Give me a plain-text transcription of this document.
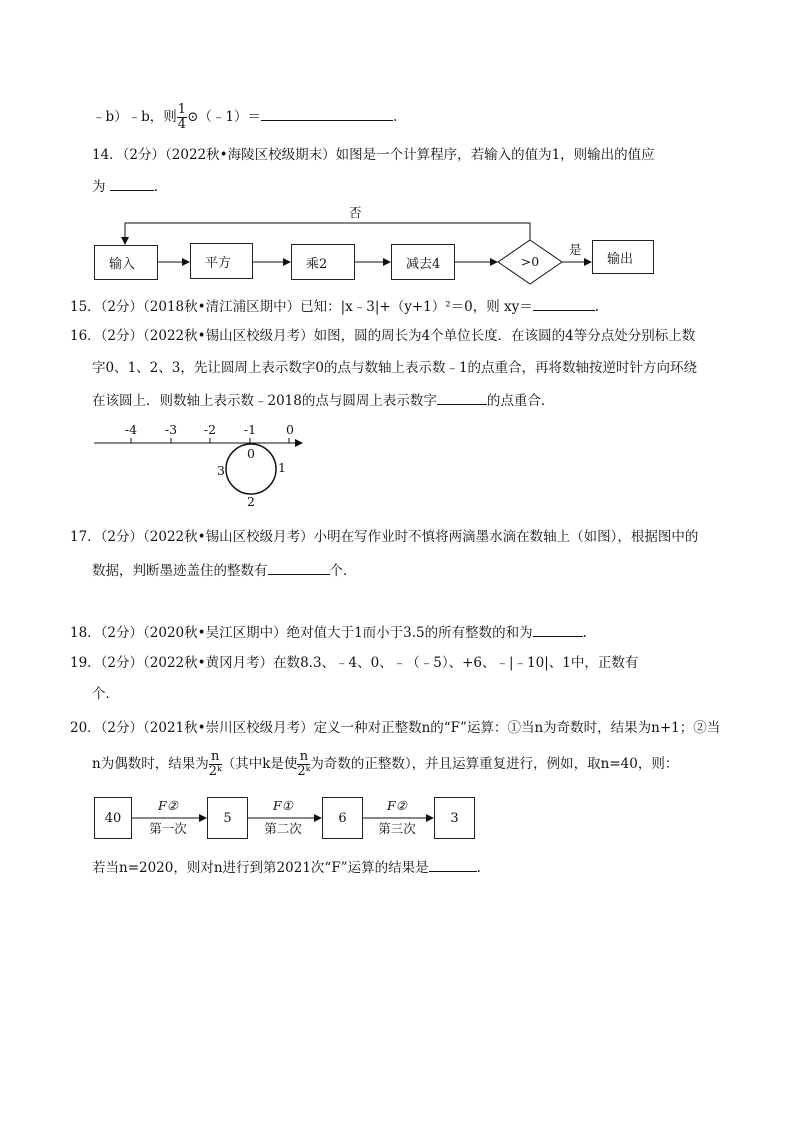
﹣b）﹣b，则 $\frac{1}{4}$ ⊙（﹣1）＝	.
14．（2分）（2022秋•海陵区校级期末）如图是一个计算程序，若输入的值为1，则输出的值应
为	.
输入	平方	乘2	减去4	>0
是
否
输出
15．（2分）（2018秋•清江浦区期中）已知：|x﹣3|+（y+1）²＝0，则 xy＝	.
16．（2分）（2022秋•锡山区校级月考）如图，圆的周长为4个单位长度．在该圆的4等分点处分别标上数
字0、1、2、3，先让圆周上表示数字0的点与数轴上表示数﹣1的点重合，再将数轴按逆时针方向环绕
在该圆上．则数轴上表示数﹣2018的点与圆周上表示数字	的点重合．
-4	-3	-2	-1	0
0
1
2
3
17．（2分）（2022秋•锡山区校级月考）小明在写作业时不慎将两滴墨水滴在数轴上（如图），根据图中的
数据，判断墨迹盖住的整数有	个．
18．（2分）（2020秋•吴江区期中）绝对值大于1而小于3.5的所有整数的和为	.
19．（2分）（2022秋•黄冈月考）在数8.3、﹣4、0、﹣（﹣5）、+6、﹣|﹣10|、1中，正数有
个．
20．（2分）（2021秋•崇川区校级月考）定义一种对正整数n的“F”运算：①当n为奇数时，结果为n+1；②当
n为偶数时，结果为 $\frac{n}{\text{2ᵏ}}$ （其中k是使 $\frac{n}{\text{2ᵏ}}$ 为奇数的正整数），并且运算重复进行，例如，取n=40，则：
40	5	6	3
F②	F①	F②
第一次	第二次	第三次
若当n=2020，则对n进行到第2021次“F”运算的结果是	.
